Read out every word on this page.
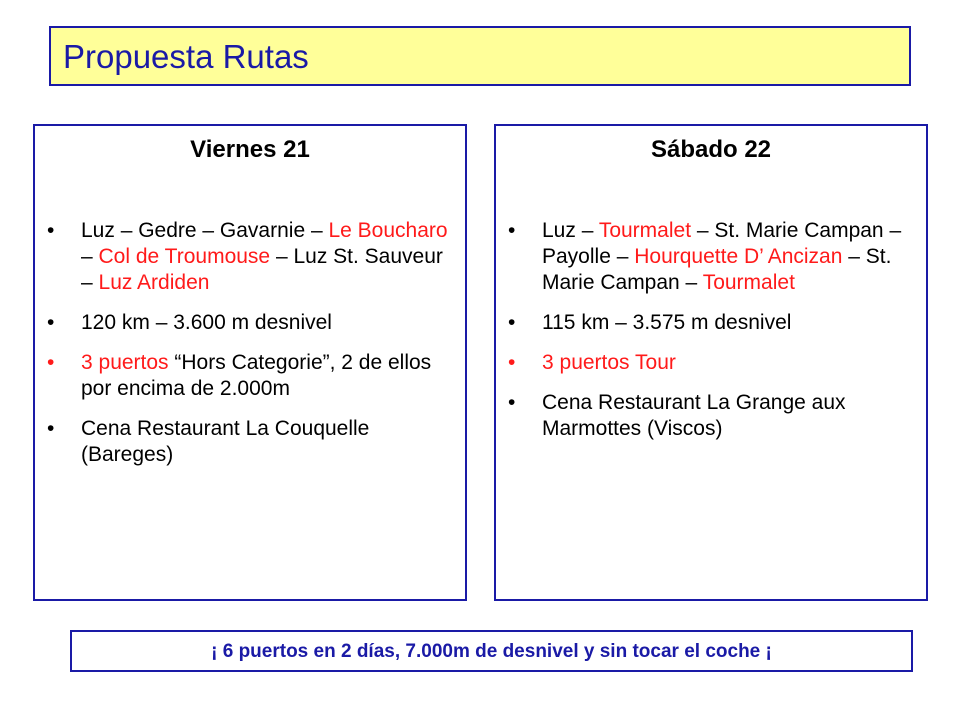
Propuesta Rutas
Viernes 21
• Luz – Gedre – Gavarnie – Le Boucharo – Col de Troumouse – Luz St. Sauveur – Luz Ardiden
• 120 km – 3.600 m desnivel
• 3 puertos “Hors Categorie”, 2 de ellos por encima de 2.000m
• Cena Restaurant La Couquelle (Bareges)
Sábado 22
• Luz – Tourmalet – St. Marie Campan – Payolle – Hourquette D’ Ancizan – St. Marie Campan – Tourmalet
• 115 km – 3.575 m desnivel
• 3 puertos Tour
• Cena Restaurant La Grange aux Marmottes (Viscos)
¡ 6 puertos en 2 días, 7.000m de desnivel y sin tocar el coche ¡
